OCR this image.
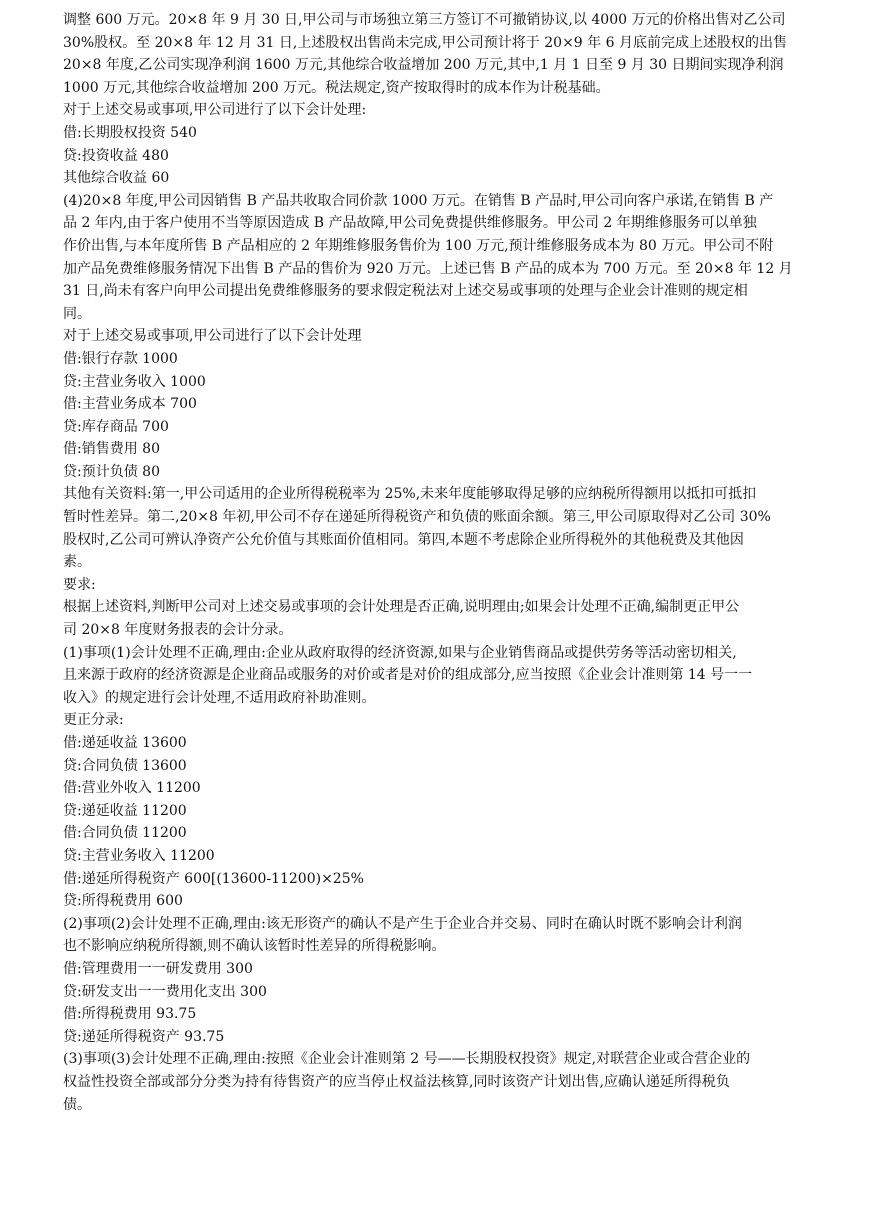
调整 600 万元。20×8 年 9 月 30 日,甲公司与市场独立第三方签订不可撤销协议,以 4000 万元的价格出售对乙公司
30%股权。至 20×8 年 12 月 31 日,上述股权出售尚未完成,甲公司预计将于 20×9 年 6 月底前完成上述股权的出售
20×8 年度,乙公司实现净利润 1600 万元,其他综合收益增加 200 万元,其中,1 月 1 日至 9 月 30 日期间实现净利润
1000 万元,其他综合收益增加 200 万元。税法规定,资产按取得时的成本作为计税基础。
对于上述交易或事项,甲公司进行了以下会计处理:
借:长期股权投资 540
贷:投资收益 480
其他综合收益 60
(4)20×8 年度,甲公司因销售 B 产品共收取合同价款 1000 万元。在销售 B 产品时,甲公司向客户承诺,在销售 B 产
品 2 年内,由于客户使用不当等原因造成 B 产品故障,甲公司免费提供维修服务。甲公司 2 年期维修服务可以单独
作价出售,与本年度所售 B 产品相应的 2 年期维修服务售价为 100 万元,预计维修服务成本为 80 万元。甲公司不附
加产品免费维修服务情况下出售 B 产品的售价为 920 万元。上述已售 B 产品的成本为 700 万元。至 20×8 年 12 月
31 日,尚未有客户向甲公司提出免费维修服务的要求假定税法对上述交易或事项的处理与企业会计准则的规定相
同。
对于上述交易或事项,甲公司进行了以下会计处理
借:银行存款 1000
贷:主营业务收入 1000
借:主营业务成本 700
贷:库存商品 700
借:销售费用 80
贷:预计负债 80
其他有关资料:第一,甲公司适用的企业所得税税率为 25%,未来年度能够取得足够的应纳税所得额用以抵扣可抵扣
暂时性差异。第二,20×8 年初,甲公司不存在递延所得税资产和负债的账面余额。第三,甲公司原取得对乙公司 30%
股权时,乙公司可辨认净资产公允价值与其账面价值相同。第四,本题不考虑除企业所得税外的其他税费及其他因
素。
要求:
根据上述资料,判断甲公司对上述交易或事项的会计处理是否正确,说明理由;如果会计处理不正确,编制更正甲公
司 20×8 年度财务报表的会计分录。
(1)事项(1)会计处理不正确,理由:企业从政府取得的经济资源,如果与企业销售商品或提供劳务等活动密切相关,
且来源于政府的经济资源是企业商品或服务的对价或者是对价的组成部分,应当按照《企业会计准则第 14 号一一
收入》的规定进行会计处理,不适用政府补助准则。
更正分录:
借:递延收益 13600
贷:合同负债 13600
借:营业外收入 11200
贷:递延收益 11200
借:合同负债 11200
贷:主营业务收入 11200
借:递延所得税资产 600[(13600-11200)×25%
贷:所得税费用 600
(2)事项(2)会计处理不正确,理由:该无形资产的确认不是产生于企业合并交易、同时在确认时既不影响会计利润
也不影响应纳税所得额,则不确认该暂时性差异的所得税影响。
借:管理费用一一研发费用 300
贷:研发支出一一费用化支出 300
借:所得税费用 93.75
贷:递延所得税资产 93.75
(3)事项(3)会计处理不正确,理由:按照《企业会计准则第 2 号——长期股权投资》规定,对联营企业或合营企业的
权益性投资全部或部分分类为持有待售资产的应当停止权益法核算,同时该资产计划出售,应确认递延所得税负
债。
